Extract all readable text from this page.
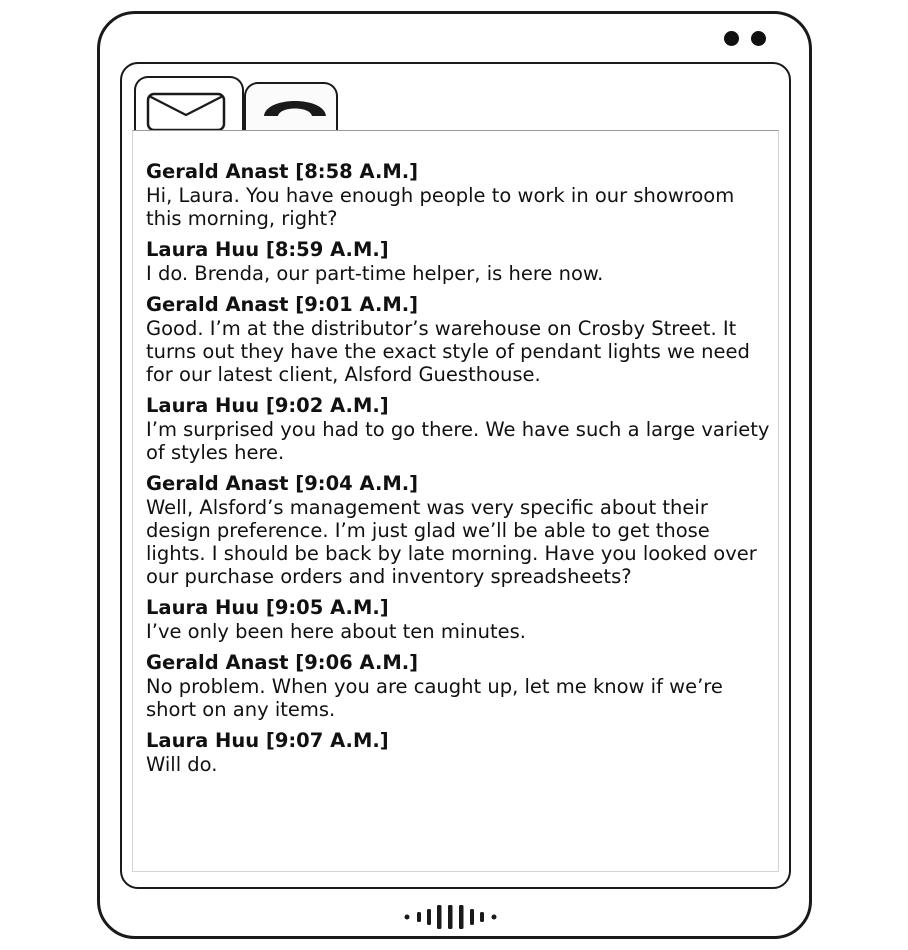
Gerald Anast [8:58 A.M.]
Hi, Laura. You have enough people to work in our showroom this morning, right?
Laura Huu [8:59 A.M.]
I do. Brenda, our part-time helper, is here now.
Gerald Anast [9:01 A.M.]
Good. I’m at the distributor’s warehouse on Crosby Street. It turns out they have the exact style of pendant lights we need for our latest client, Alsford Guesthouse.
Laura Huu [9:02 A.M.]
I’m surprised you had to go there. We have such a large variety of styles here.
Gerald Anast [9:04 A.M.]
Well, Alsford’s management was very specific about their design preference. I’m just glad we’ll be able to get those lights. I should be back by late morning. Have you looked over our purchase orders and inventory spreadsheets?
Laura Huu [9:05 A.M.]
I’ve only been here about ten minutes.
Gerald Anast [9:06 A.M.]
No problem. When you are caught up, let me know if we’re short on any items.
Laura Huu [9:07 A.M.]
Will do.
